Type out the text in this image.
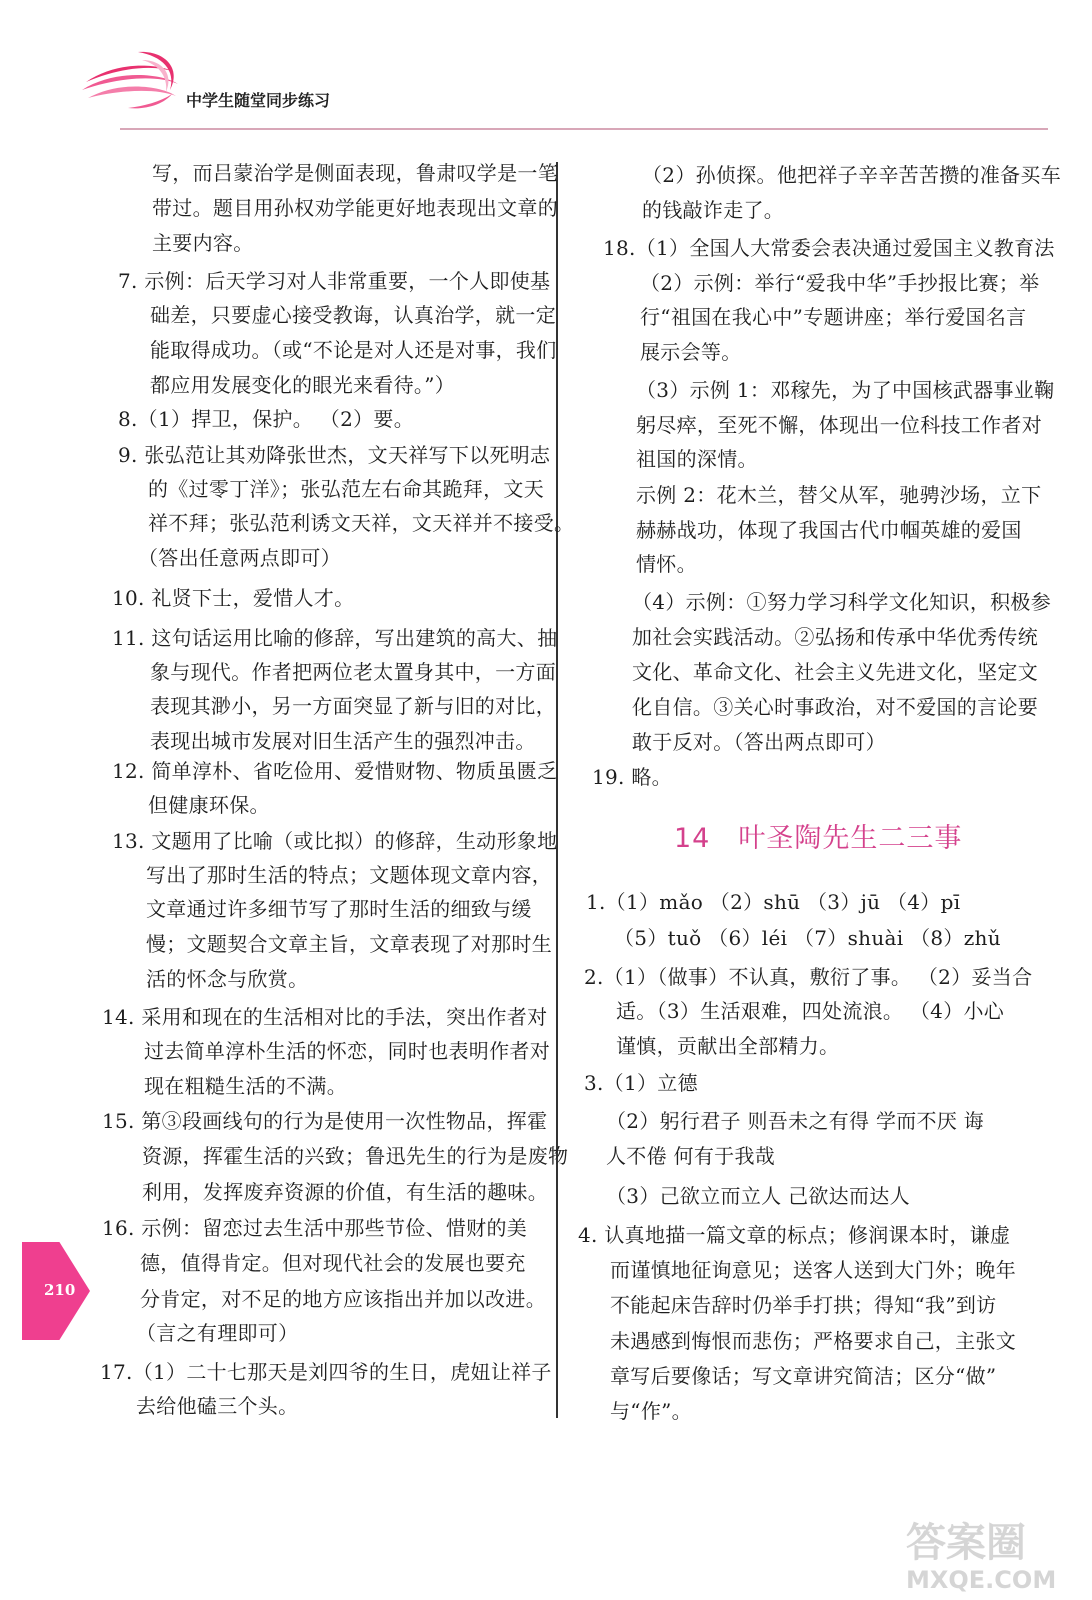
中学生随堂同步练习
写，而吕蒙治学是侧面表现，鲁肃叹学是一笔
带过。题目用孙权劝学能更好地表现出文章的
主要内容。
7. 示例：后天学习对人非常重要，一个人即使基
础差，只要虚心接受教诲，认真治学，就一定
能取得成功。（或“不论是对人还是对事，我们
都应用发展变化的眼光来看待。”）
8.（1）捍卫，保护。 （2）要。
9. 张弘范让其劝降张世杰，文天祥写下以死明志
的《过零丁洋》；张弘范左右命其跪拜，文天
祥不拜；张弘范利诱文天祥，文天祥并不接受。
（答出任意两点即可）
10. 礼贤下士，爱惜人才。
11. 这句话运用比喻的修辞，写出建筑的高大、抽
象与现代。作者把两位老太置身其中，一方面
表现其渺小，另一方面突显了新与旧的对比，
表现出城市发展对旧生活产生的强烈冲击。
12. 简单淳朴、省吃俭用、爱惜财物、物质虽匮乏
但健康环保。
13. 文题用了比喻（或比拟）的修辞，生动形象地
写出了那时生活的特点；文题体现文章内容，
文章通过许多细节写了那时生活的细致与缓
慢；文题契合文章主旨，文章表现了对那时生
活的怀念与欣赏。
14. 采用和现在的生活相对比的手法，突出作者对
过去简单淳朴生活的怀恋，同时也表明作者对
现在粗糙生活的不满。
15. 第③段画线句的行为是使用一次性物品，挥霍
资源，挥霍生活的兴致；鲁迅先生的行为是废物
利用，发挥废弃资源的价值，有生活的趣味。
16. 示例：留恋过去生活中那些节俭、惜财的美
德，值得肯定。但对现代社会的发展也要充
分肯定，对不足的地方应该指出并加以改进。
（言之有理即可）
17.（1）二十七那天是刘四爷的生日，虎妞让祥子
去给他磕三个头。
（2）孙侦探。他把祥子辛辛苦苦攒的准备买车
的钱敲诈走了。
18.（1）全国人大常委会表决通过爱国主义教育法
（2）示例：举行“爱我中华”手抄报比赛；举
行“祖国在我心中”专题讲座；举行爱国名言
展示会等。
（3）示例 1：邓稼先，为了中国核武器事业鞠
躬尽瘁，至死不懈，体现出一位科技工作者对
祖国的深情。
示例 2：花木兰，替父从军，驰骋沙场，立下
赫赫战功，体现了我国古代巾帼英雄的爱国
情怀。
（4）示例：①努力学习科学文化知识，积极参
加社会实践活动。②弘扬和传承中华优秀传统
文化、革命文化、社会主义先进文化，坚定文
化自信。③关心时事政治，对不爱国的言论要
敢于反对。（答出两点即可）
19. 略。
1.（1）mǎo （2）shū （3）jū （4）pī
（5）tuǒ （6）léi （7）shuài （8）zhǔ
2.（1）（做事）不认真，敷衍了事。 （2）妥当合
适。（3）生活艰难，四处流浪。 （4）小心
谨慎，贡献出全部精力。
3.（1）立德
（2）躬行君子 则吾未之有得 学而不厌 诲
人不倦 何有于我哉
（3）己欲立而立人 己欲达而达人
4. 认真地描一篇文章的标点；修润课本时，谦虚
而谨慎地征询意见；送客人送到大门外；晚年
不能起床告辞时仍举手打拱；得知“我”到访
未遇感到悔恨而悲伤；严格要求自己，主张文
章写后要像话；写文章讲究简洁；区分“做”
与“作”。
14　叶圣陶先生二三事
210
答案圈
MXQE.COM
